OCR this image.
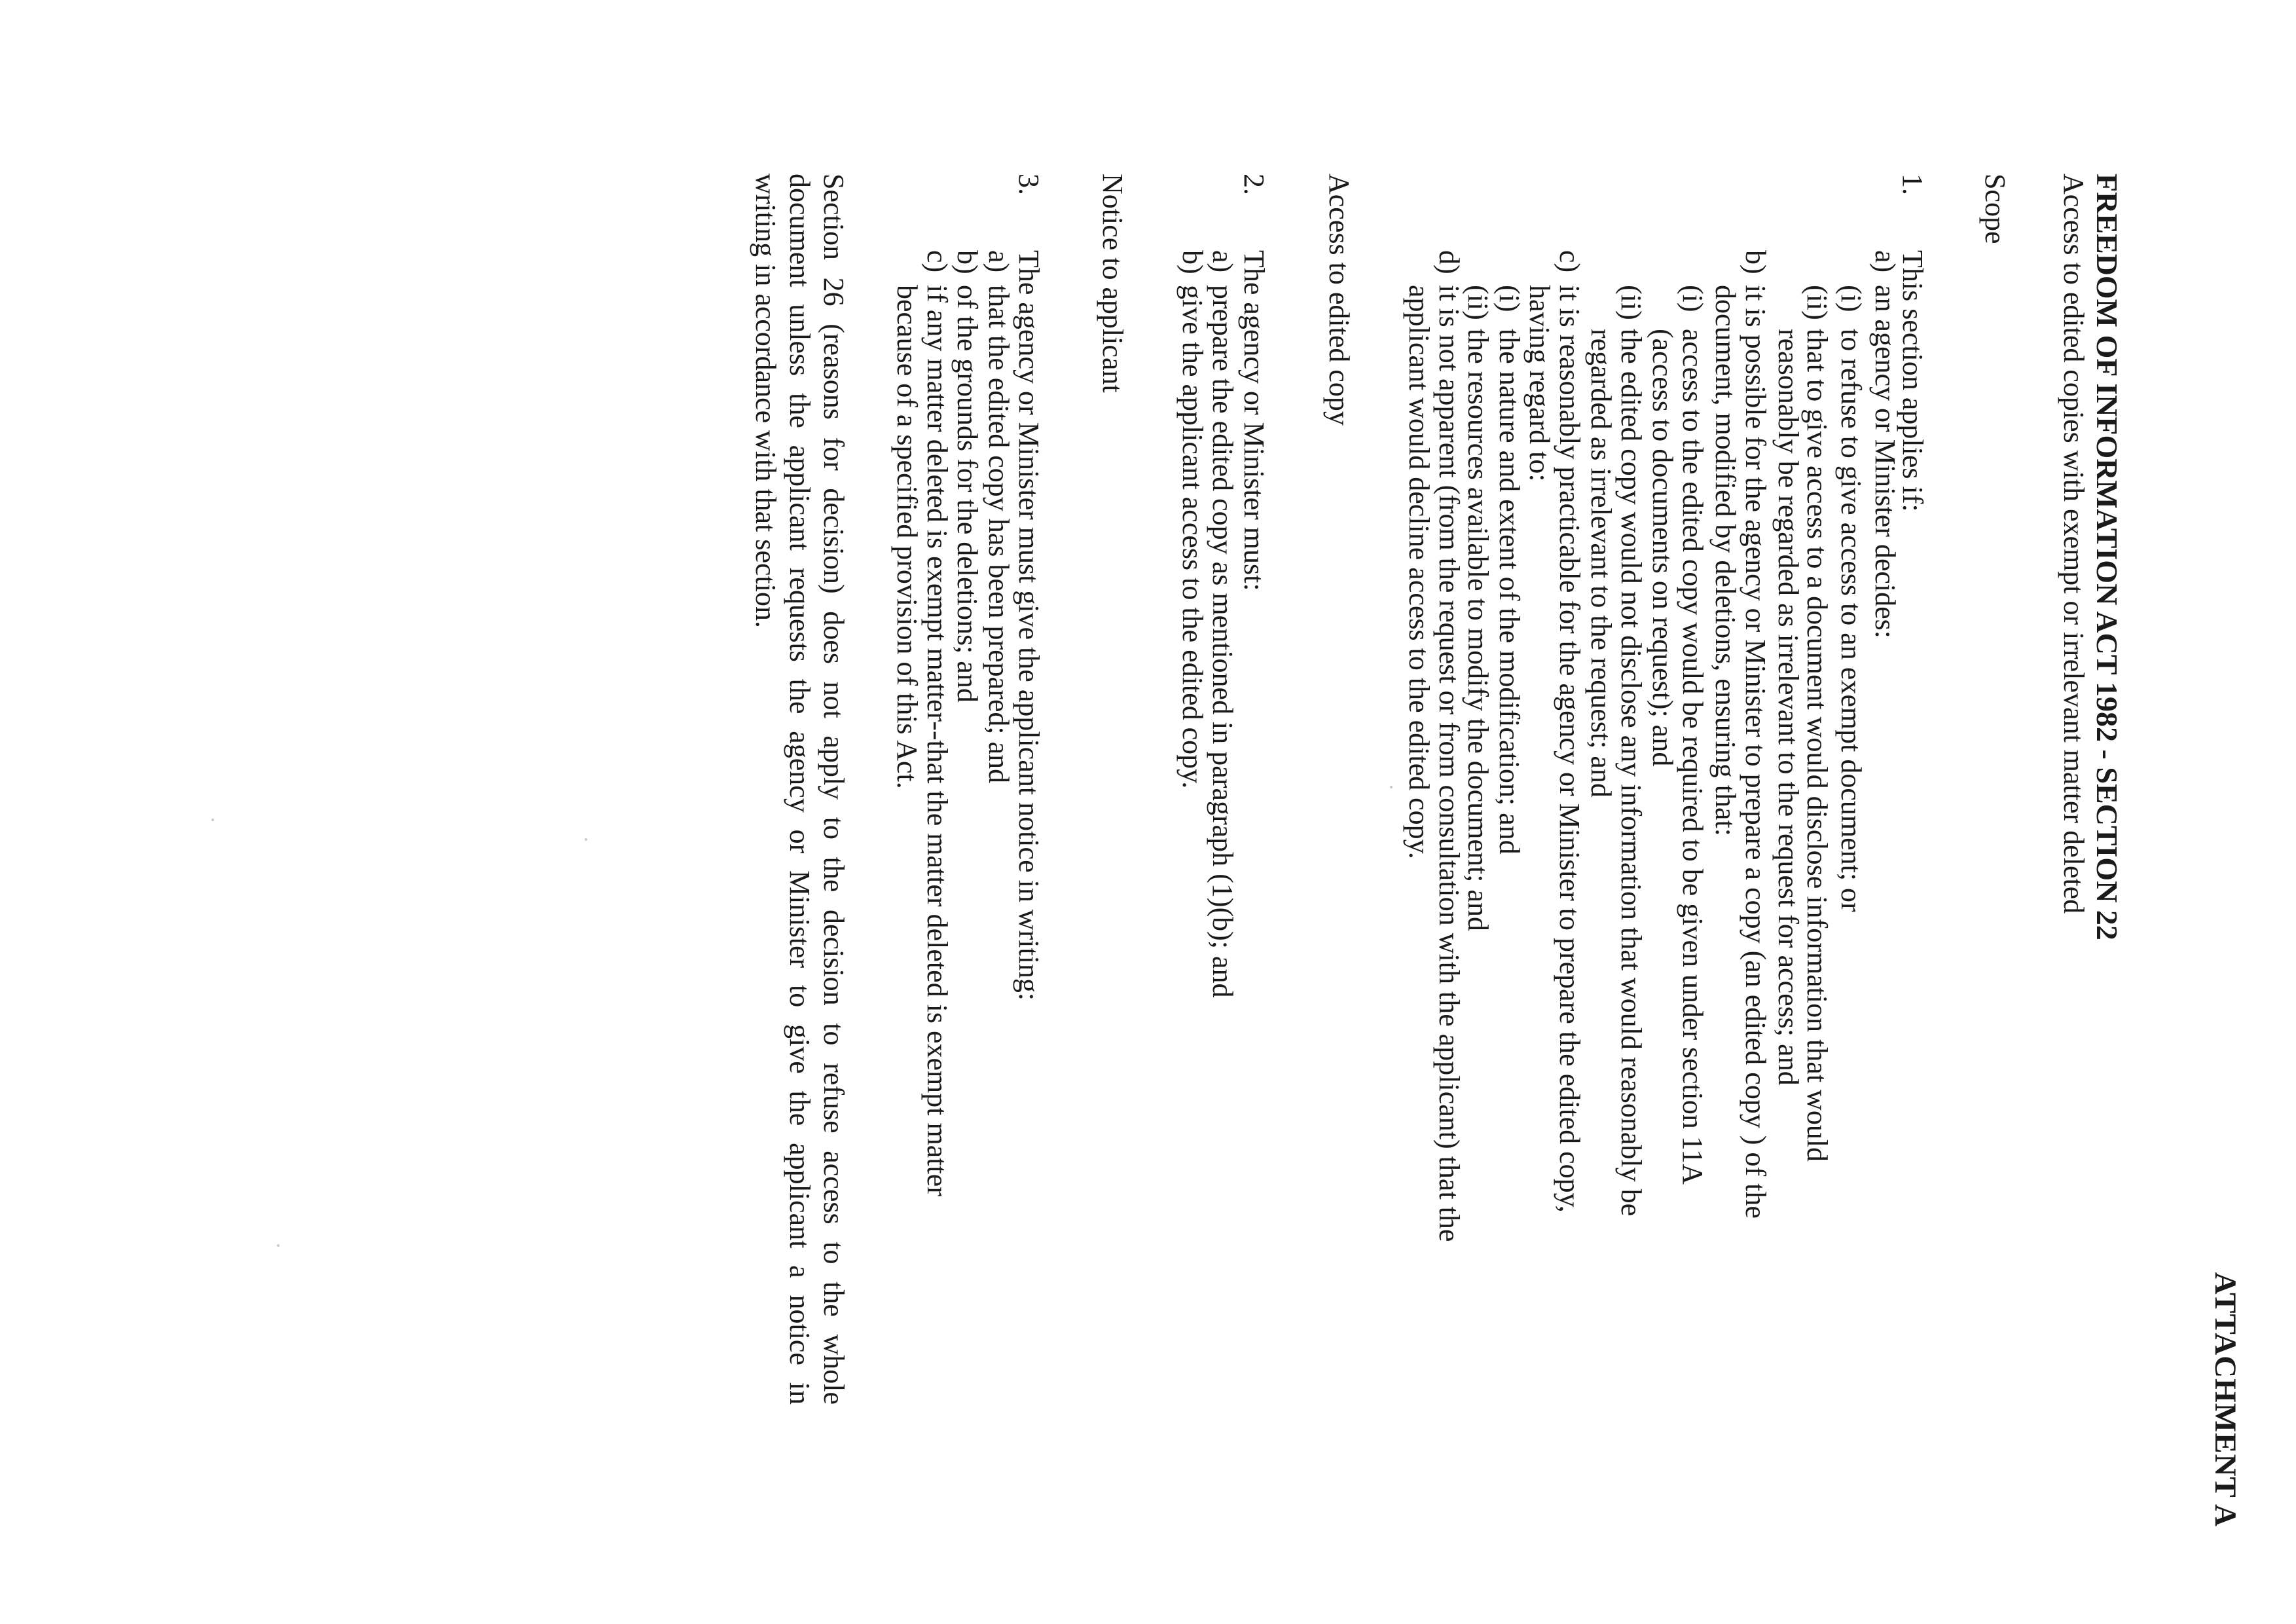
ATTACHMENT A
FREEDOM OF INFORMATION ACT 1982 - SECTION 22
Access to edited copies with exempt or irrelevant matter deleted
Scope
1.
This section applies if:
a)
an agency or Minister decides:
(i)
to refuse to give access to an exempt document; or
(ii)
that to give access to a document would disclose information that would
reasonably be regarded as irrelevant to the request for access; and
b)
it is possible for the agency or Minister to prepare a copy (an edited copy ) of the
document, modified by deletions, ensuring that:
(i)
access to the edited copy would be required to be given under section 11A
(access to documents on request); and
(ii)
the edited copy would not disclose any information that would reasonably be
regarded as irrelevant to the request; and
c)
it is reasonably practicable for the agency or Minister to prepare the edited copy,
having regard to:
(i)
the nature and extent of the modification; and
(ii)
the resources available to modify the document; and
d)
it is not apparent (from the request or from consultation with the applicant) that the
applicant would decline access to the edited copy.
Access to edited copy
2.
The agency or Minister must:
a)
prepare the edited copy as mentioned in paragraph (1)(b); and
b)
give the applicant access to the edited copy.
Notice to applicant
3.
The agency or Minister must give the applicant notice in writing:
a)
that the edited copy has been prepared; and
b)
of the grounds for the deletions; and
c)
if any matter deleted is exempt matter--that the matter deleted is exempt matter
because of a specified provision of this Act.
Section 26 (reasons for decision) does not apply to the decision to refuse access to the whole
document unless the applicant requests the agency or Minister to give the applicant a notice in
writing in accordance with that section.
